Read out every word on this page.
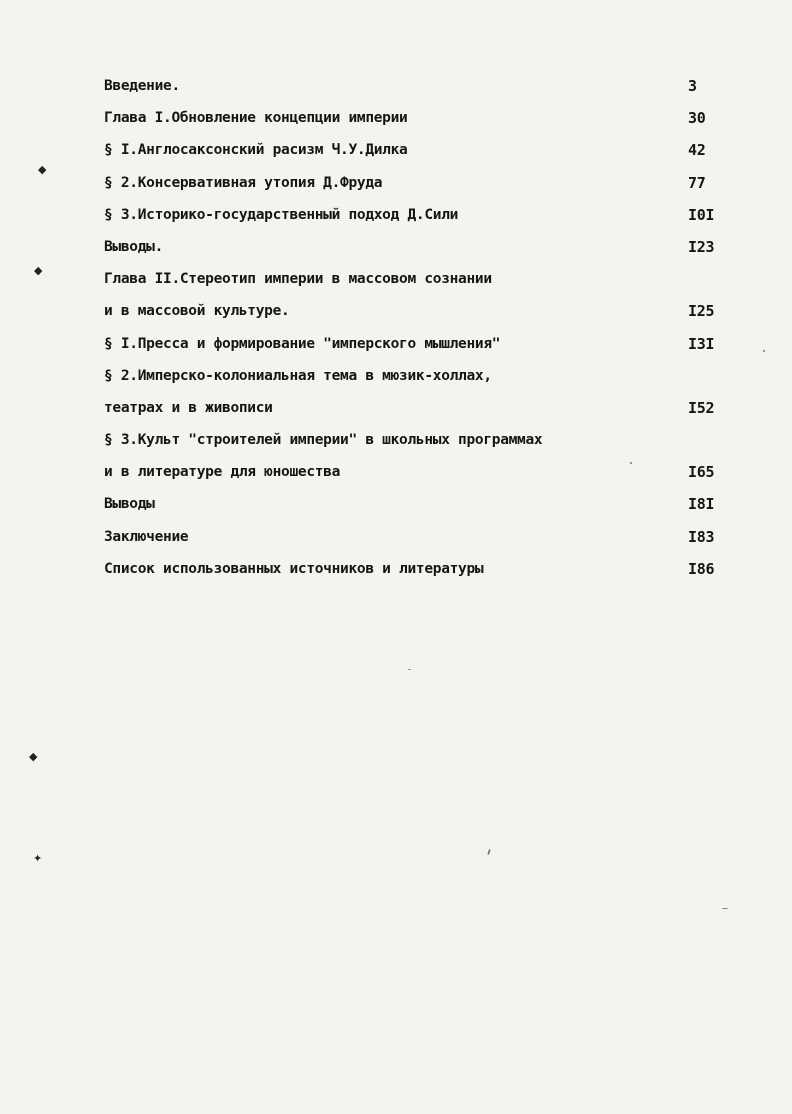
Введение.	3
Глава I.Обновление концепции империи	30
§ I.Англосаксонский расизм Ч.У.Дилка	42
§ 2.Консервативная утопия Д.Фруда	77
§ 3.Историко-государственный подход Д.Сили	I0I
Выводы.	I23
Глава II.Стереотип империи в массовом сознании
и в массовой культуре.	I25
§ I.Пресса и формирование "имперского мышления"	I3I
§ 2.Имперско-колониальная тема в мюзик-холлах,
театрах и в живописи	I52
§ 3.Культ "строителей империи" в школьных программах
и в литературе для юношества	I65
Выводы	I8I
Заключение	I83
Список использованных источников и литературы	I86
◆
◆
◆
✦
